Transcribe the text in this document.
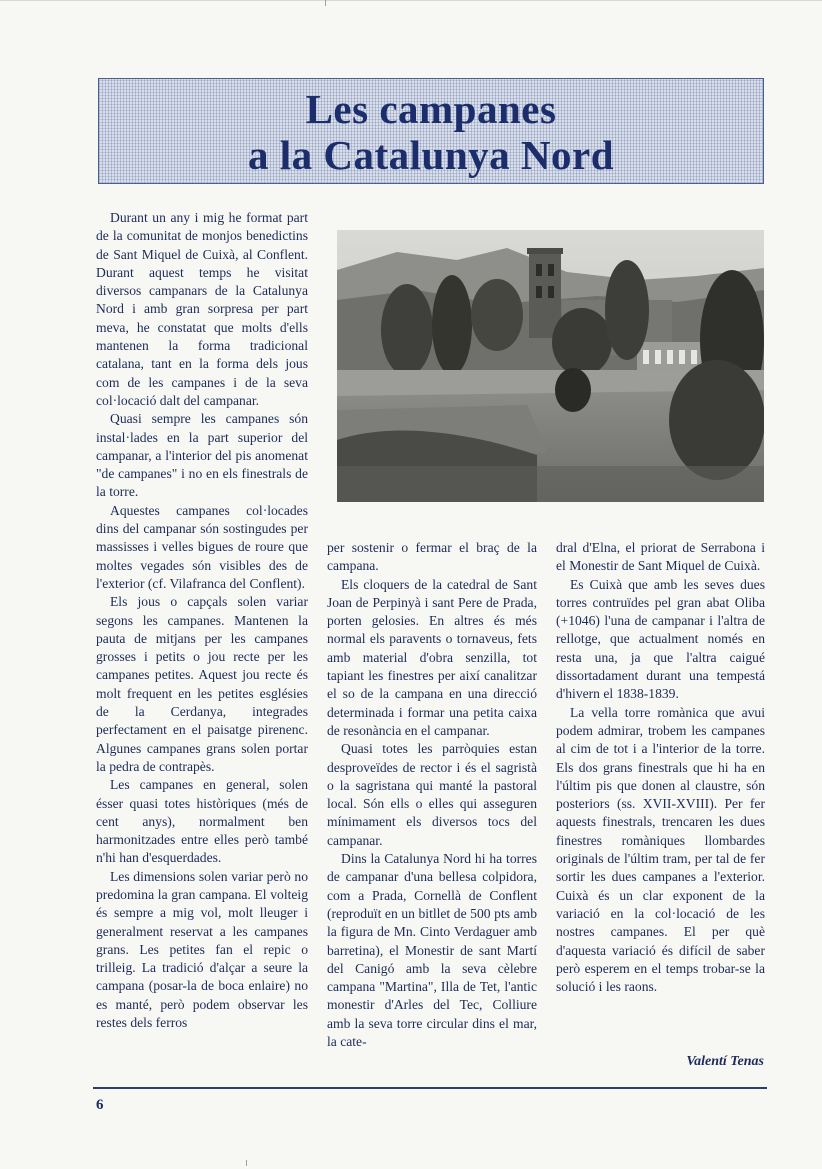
Les campanes
a la Catalunya Nord

Durant un any i mig he format part de la comunitat de monjos benedictins de Sant Miquel de Cuixà, al Conflent. Durant aquest temps he visitat diversos campanars de la Catalunya Nord i amb gran sorpresa per part meva, he constatat que molts d'ells mantenen la forma tradicional catalana, tant en la forma dels jous com de les campanes i de la seva col·locació dalt del campanar.

Quasi sempre les campanes són instal·lades en la part superior del campanar, a l'interior del pis anomenat "de campanes" i no en els finestrals de la torre.

Aquestes campanes col·locades dins del campanar són sostingudes per massisses i velles bigues de roure que moltes vegades són visibles des de l'exterior (cf. Vilafranca del Conflent).

Els jous o capçals solen variar segons les campanes. Mantenen la pauta de mitjans per les campanes grosses i petits o jou recte per les campanes petites. Aquest jou recte és molt frequent en les petites esglésies de la Cerdanya, integrades perfectament en el paisatge pirenenc. Algunes campanes grans solen portar la pedra de contrapès.

Les campanes en general, solen ésser quasi totes històriques (més de cent anys), normalment ben harmonitzades entre elles però també n'hi han d'esquerdades.

Les dimensions solen variar però no predomina la gran campana. El volteig és sempre a mig vol, molt lleuger i generalment reservat a les campanes grans. Les petites fan el repic o trilleig. La tradició d'alçar a seure la campana (posar-la de boca enlaire) no es manté, però podem observar les restes dels ferros

per sostenir o fermar el braç de la campana.

Els cloquers de la catedral de Sant Joan de Perpinyà i sant Pere de Prada, porten gelosies. En altres és més normal els paravents o tornaveus, fets amb material d'obra senzilla, tot tapiant les finestres per així canalitzar el so de la campana en una direcció determinada i formar una petita caixa de resonància en el campanar.

Quasi totes les parròquies estan desproveïdes de rector i és el sagristà o la sagristana qui manté la pastoral local. Són ells o elles qui asseguren mínimament els diversos tocs del campanar.

Dins la Catalunya Nord hi ha torres de campanar d'una bellesa colpidora, com a Prada, Cornellà de Conflent (reproduït en un bitllet de 500 pts amb la figura de Mn. Cinto Verdaguer amb barretina), el Monestir de sant Martí del Canigó amb la seva cèlebre campana "Martina", Illa de Tet, l'antic monestir d'Arles del Tec, Colliure amb la seva torre circular dins el mar, la cate-

dral d'Elna, el priorat de Serrabona i el Monestir de Sant Miquel de Cuixà.

Es Cuixà que amb les seves dues torres contruïdes pel gran abat Oliba (+1046) l'una de campanar i l'altra de rellotge, que actualment només en resta una, ja que l'altra caigué dissortadament durant una tempestá d'hivern el 1838-1839.

La vella torre romànica que avui podem admirar, trobem les campanes al cim de tot i a l'interior de la torre. Els dos grans finestrals que hi ha en l'últim pis que donen al claustre, són posteriors (ss. XVII-XVIII). Per fer aquests finestrals, trencaren les dues finestres romàniques llombardes originals de l'últim tram, per tal de fer sortir les dues campanes a l'exterior. Cuixà és un clar exponent de la variació en la col·locació de les nostres campanes. El per què d'aquesta variació és difícil de saber però esperem en el temps trobar-se la solució i les raons.

Valentí Tenas
6
